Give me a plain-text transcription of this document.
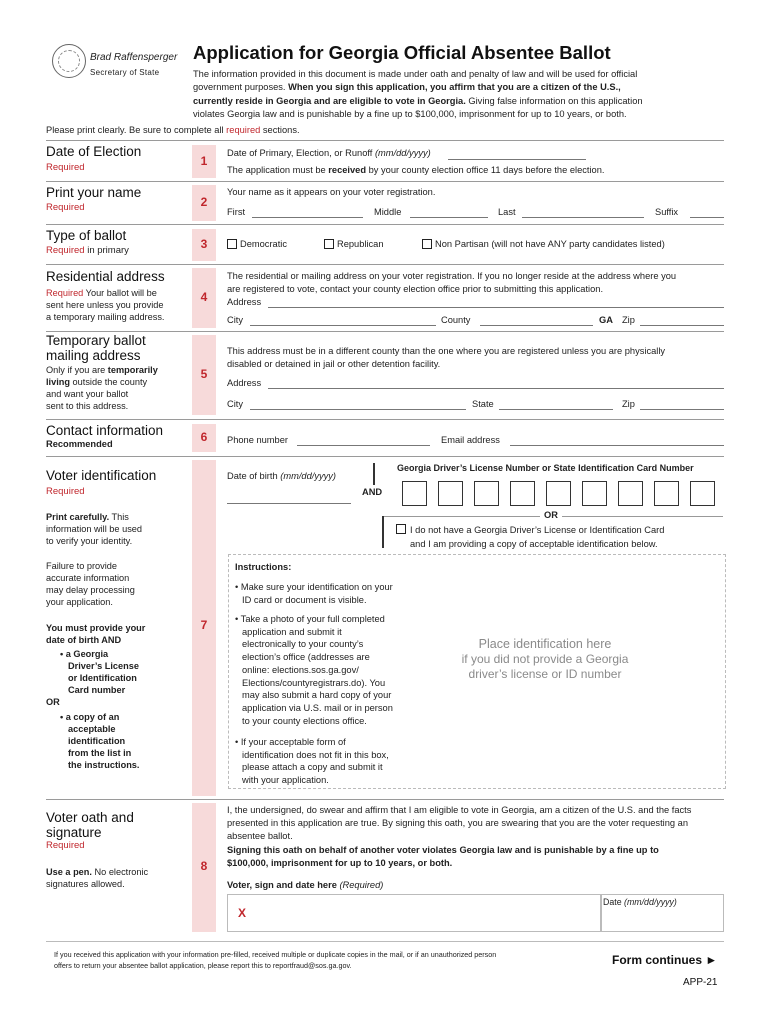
Brad Raffensperger
Secretary of State
Application for Georgia Official Absentee Ballot
The information provided in this document is made under oath and penalty of law and will be used for official
government purposes. When you sign this application, you affirm that you are a citizen of the U.S.,
currently reside in Georgia and are eligible to vote in Georgia. Giving false information on this application
violates Georgia law and is punishable by a fine up to $100,000, imprisonment for up to 10 years, or both.
Please print clearly. Be sure to complete all required sections.
Date of Election
Required	1
Date of Primary, Election, or Runoff (mm/dd/yyyy)
The application must be received by your county election office 11 days before the election.
Print your name
Required	2
Your name as it appears on your voter registration.
First	Middle	Last	Suffix
Type of ballot
Required in primary	3	Democratic	Republican	Non Partisan (will not have ANY party candidates listed)
Residential address
Required Your ballot will be
sent here unless you provide
a temporary mailing address.
4
The residential or mailing address on your voter registration. If you no longer reside at the address where you
are registered to vote, contact your county election office prior to submitting this application.
Address
City	County	GA Zip
Temporary ballot
mailing address
Only if you are temporarily
living outside the county
and want your ballot
sent to this address.
5
This address must be in a different county than the one where you are registered unless you are physically
disabled or detained in jail or other detention facility.
Address
City	State	Zip
Contact information
Recommended	6	Phone number	Email address
Voter identification
Required
Print carefully. This
information will be used
to verify your identity.
Failure to provide
accurate information
may delay processing
your application.
You must provide your
date of birth AND
• a Georgia
Driver’s License
or Identification
Card number
OR
• a copy of an
acceptable
identification
from the list in
the instructions.
7
Date of birth (mm/dd/yyyy)
AND
Georgia Driver’s License Number or State Identification Card Number
OR
I do not have a Georgia Driver’s License or Identification Card
and I am providing a copy of acceptable identification below.
Instructions:
• Make sure your identification on your
ID card or document is visible.
• Take a photo of your full completed
application and submit it
electronically to your county’s
election’s office (addresses are
online: elections.sos.ga.gov/
Elections/countyregistrars.do). You
may also submit a hard copy of your
application via U.S. mail or in person
to your county elections office.
• If your acceptable form of
identification does not fit in this box,
please attach a copy and submit it
with your application.
Place identification here
if you did not provide a Georgia
driver’s license or ID number
Voter oath and
signature
Required
Use a pen. No electronic
signatures allowed.
8
I, the undersigned, do swear and affirm that I am eligible to vote in Georgia, am a citizen of the U.S. and the facts
presented in this application are true. By signing this oath, you are swearing that you are the voter requesting an
absentee ballot.
Signing this oath on behalf of another voter violates Georgia law and is punishable by a fine up to
$100,000, imprisonment for up to 10 years, or both.
Voter, sign and date here (Required)
X
Date (mm/dd/yyyy)
If you received this application with your information pre-filled, received multiple or duplicate copies in the mail, or if an unauthorized person
offers to return your absentee ballot application, please report this to reportfraud@sos.ga.gov.	Form continues ►
APP-21
